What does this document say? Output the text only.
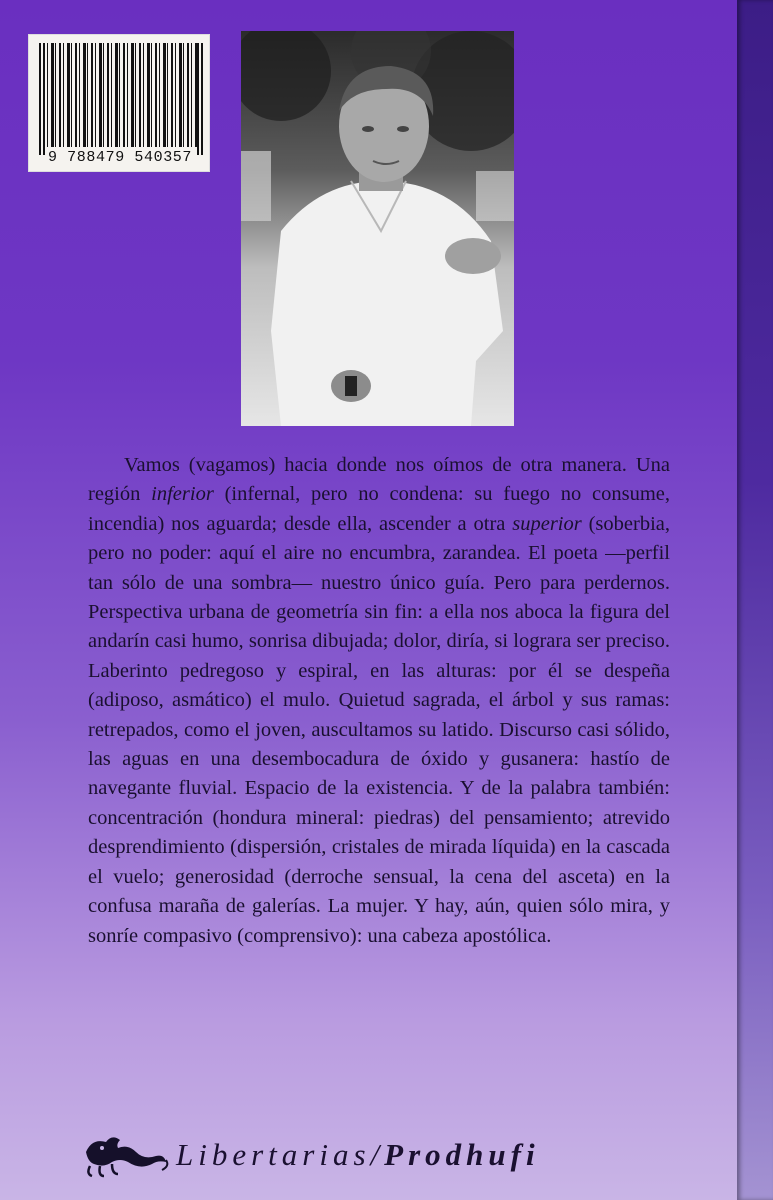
9 788479 540357

Vamos (vagamos) hacia donde nos oímos de otra manera. Una región inferior (infernal, pero no condena: su fuego no consume, incendia) nos aguarda; desde ella, ascender a otra superior (soberbia, pero no poder: aquí el aire no encumbra, zarandea. El poeta —perfil tan sólo de una sombra— nuestro único guía. Pero para perdernos. Perspectiva urbana de geometría sin fin: a ella nos aboca la figura del andarín casi humo, sonrisa dibujada; dolor, diría, si lograra ser preciso. Laberinto pedregoso y espiral, en las alturas: por él se despeña (adiposo, asmático) el mulo. Quietud sagrada, el árbol y sus ramas: retrepados, como el joven, auscultamos su latido. Discurso casi sólido, las aguas en una desembocadura de óxido y gusanera: hastío de navegante fluvial. Espacio de la existencia. Y de la palabra también: concentración (hondura mineral: piedras) del pensamiento; atrevido desprendimiento (dispersión, cristales de mirada líquida) en la cascada el vuelo; generosidad (derroche sensual, la cena del asceta) en la confusa maraña de galerías. La mujer. Y hay, aún, quien sólo mira, y sonríe compasivo (comprensivo): una cabeza apostólica.

Libertarias/Prodhufi
